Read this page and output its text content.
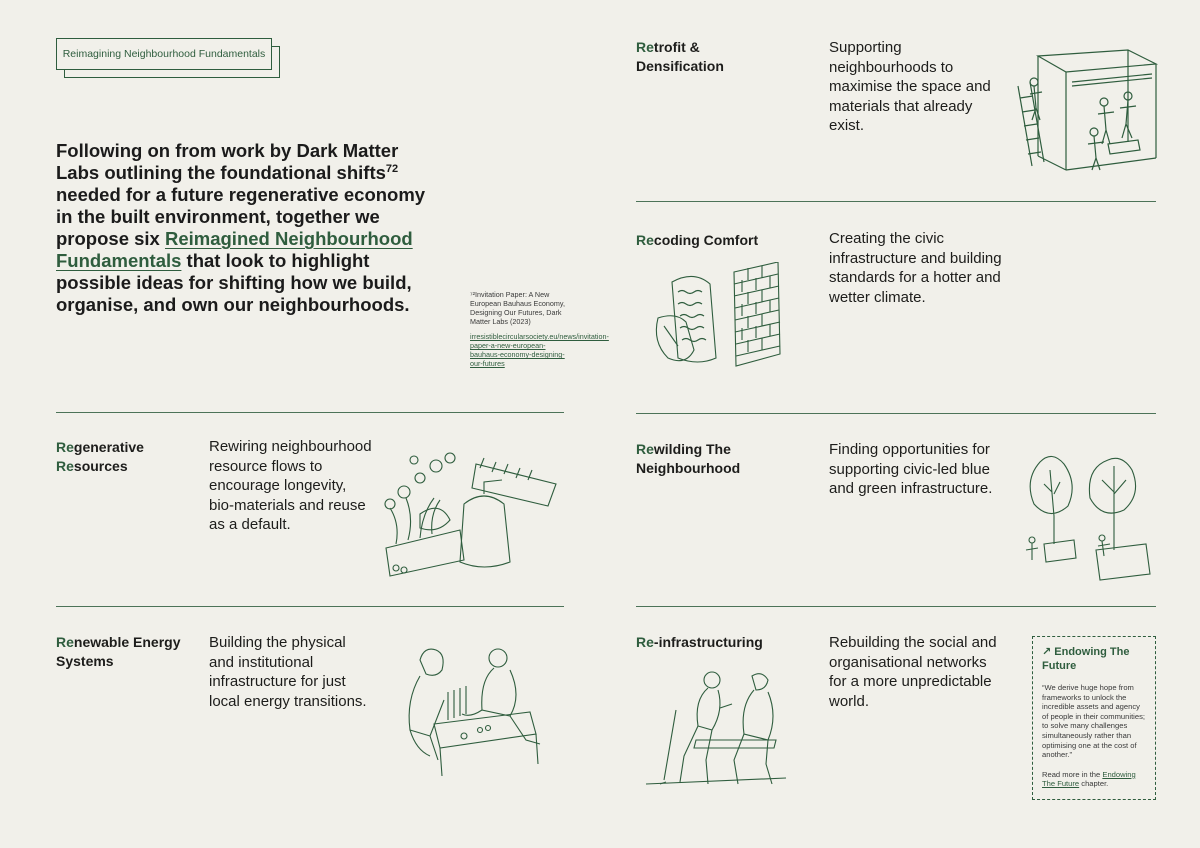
Reimagining Neighbourhood Fundamentals
Following on from work by Dark Matter Labs outlining the foundational shifts$^{72}$ needed for a future regenerative economy in the built environment, together we propose six Reimagined Neighbourhood Fundamentals that look to highlight possible ideas for shifting how we build, organise, and own our neighbourhoods.	⁷²Invitation Paper: A New European Bauhaus Economy, Designing Our Futures, Dark Matter Labs (2023)
irresistiblecircularsociety.eu/news/invitation-paper-a-new-european-bauhaus-economy-designing-our-futures
Retrofit & Densification
Supporting neighbourhoods to maximise the space and materials that already exist.
Recoding Comfort	Creating the civic infrastructure and building standards for a hotter and wetter climate.
Regenerative
Resources
Rewiring neighbourhood resource flows to encourage longevity, bio-materials and reuse as a default.
Rewilding The Neighbourhood
Finding opportunities for supporting civic-led blue and green infrastructure.
Renewable Energy Systems
Building the physical and institutional infrastructure for just local energy transitions.
Re-infrastructuring	Rebuilding the social and organisational networks for a more unpredictable world.
↗ Endowing The Future
“We derive huge hope from frameworks to unlock the incredible assets and agency of people in their communities; to solve many challenges simultaneously rather than optimising one at the cost of another.”
Read more in the Endowing The Future chapter.
